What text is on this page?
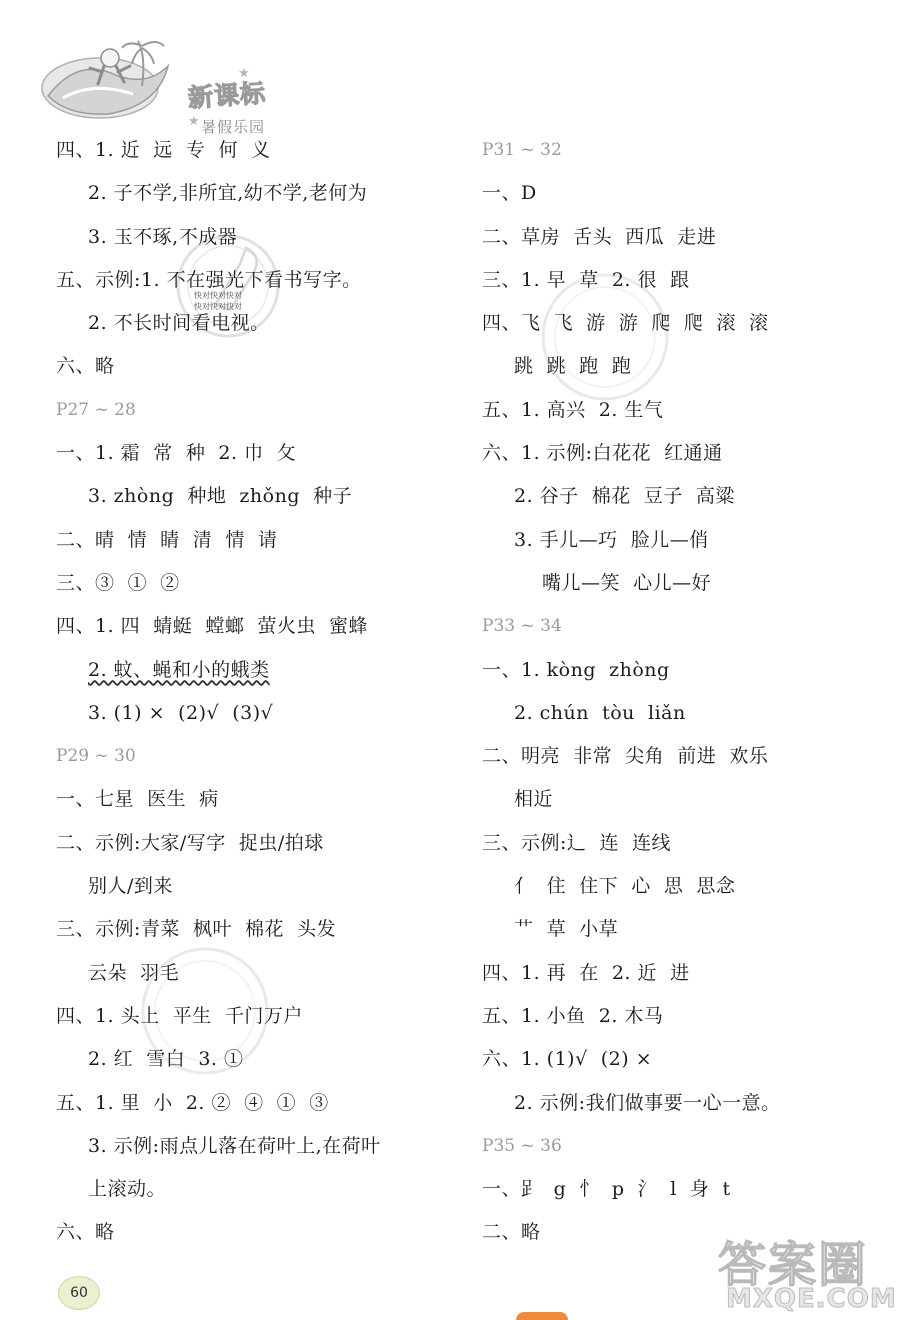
新课标
暑假乐园
★
★
快对快对快对
快对快对快对
四、1. 近  远  专  何  义
2. 子不学,非所宜,幼不学,老何为
3. 玉不琢,不成器
五、示例:1. 不在强光下看书写字。
2. 不长时间看电视。
六、略
P27 ~ 28
一、1. 霜  常  种  2. 巾  攵
3. zhòng  种地  zhǒng  种子
二、晴  情  睛  清  情  请
三、③  ①  ②
四、1. 四  蜻蜓  螳螂  萤火虫  蜜蜂
2. 蚊、蝇和小的蛾类
3. (1) ×  (2)√  (3)√
P29 ~ 30
一、七星  医生  病
二、示例:大家/写字  捉虫/拍球
别人/到来
三、示例:青菜  枫叶  棉花  头发
云朵  羽毛
四、1. 头上  平生  千门万户
2. 红  雪白  3. ①
五、1. 里  小  2. ②  ④  ①  ③
3. 示例:雨点儿落在荷叶上,在荷叶
上滚动。
六、略
P31 ~ 32
一、D
二、草房  舌头  西瓜  走进
三、1. 早  草  2. 很  跟
四、飞  飞  游  游  爬  爬  滚  滚
跳  跳  跑  跑
五、1. 高兴  2. 生气
六、1. 示例:白花花  红通通
2. 谷子  棉花  豆子  高粱
3. 手儿—巧  脸儿—俏
嘴儿—笑  心儿—好
P33 ~ 34
一、1. kòng  zhòng
2. chún  tòu  liǎn
二、明亮  非常  尖角  前进  欢乐
相近
三、示例:辶  连  连线
亻  住  住下  心  思  思念
艹  草  小草
四、1. 再  在  2. 近  进
五、1. 小鱼  2. 木马
六、1. (1)√  (2) ×
2. 示例:我们做事要一心一意。
P35 ~ 36
一、𧾷  g  忄  p  氵  l  身  t
二、略
60	答案圈
MXQE.COM
